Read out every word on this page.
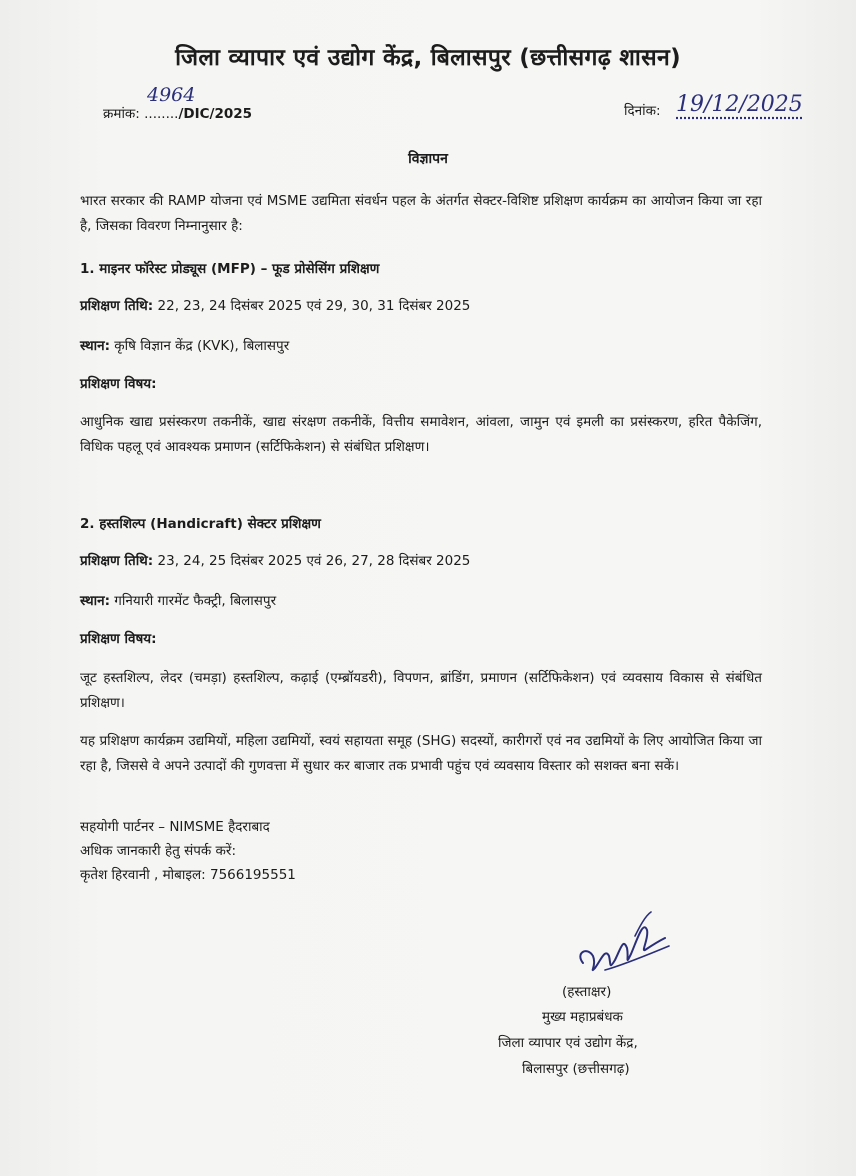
जिला व्यापार एवं उद्योग केंद्र, बिलासपुर (छत्तीसगढ़ शासन)
क्रमांक: ......../DIC/2025
4964
दिनांक: 19/12/2025
विज्ञापन
भारत सरकार की RAMP योजना एवं MSME उद्यमिता संवर्धन पहल के अंतर्गत सेक्टर-विशिष्ट प्रशिक्षण कार्यक्रम का आयोजन किया जा रहा है, जिसका विवरण निम्नानुसार है:
1. माइनर फॉरेस्ट प्रोड्यूस (MFP) – फूड प्रोसेसिंग प्रशिक्षण
प्रशिक्षण तिथि: 22, 23, 24 दिसंबर 2025 एवं 29, 30, 31 दिसंबर 2025
स्थान: कृषि विज्ञान केंद्र (KVK), बिलासपुर
प्रशिक्षण विषय:
आधुनिक खाद्य प्रसंस्करण तकनीकें, खाद्य संरक्षण तकनीकें, वित्तीय समावेशन, आंवला, जामुन एवं इमली का प्रसंस्करण, हरित पैकेजिंग, विधिक पहलू एवं आवश्यक प्रमाणन (सर्टिफिकेशन) से संबंधित प्रशिक्षण।
2. हस्तशिल्प (Handicraft) सेक्टर प्रशिक्षण
प्रशिक्षण तिथि: 23, 24, 25 दिसंबर 2025 एवं 26, 27, 28 दिसंबर 2025
स्थान: गनियारी गारमेंट फैक्ट्री, बिलासपुर
प्रशिक्षण विषय:
जूट हस्तशिल्प, लेदर (चमड़ा) हस्तशिल्प, कढ़ाई (एम्ब्रॉयडरी), विपणन, ब्रांडिंग, प्रमाणन (सर्टिफिकेशन) एवं व्यवसाय विकास से संबंधित प्रशिक्षण।
यह प्रशिक्षण कार्यक्रम उद्यमियों, महिला उद्यमियों, स्वयं सहायता समूह (SHG) सदस्यों, कारीगरों एवं नव उद्यमियों के लिए आयोजित किया जा रहा है, जिससे वे अपने उत्पादों की गुणवत्ता में सुधार कर बाजार तक प्रभावी पहुंच एवं व्यवसाय विस्तार को सशक्त बना सकें।
सहयोगी पार्टनर – NIMSME हैदराबाद
अधिक जानकारी हेतु संपर्क करें:
कृतेश हिरवानी , मोबाइल: 7566195551
(हस्ताक्षर)
मुख्य महाप्रबंधक
जिला व्यापार एवं उद्योग केंद्र,
बिलासपुर (छत्तीसगढ़)
